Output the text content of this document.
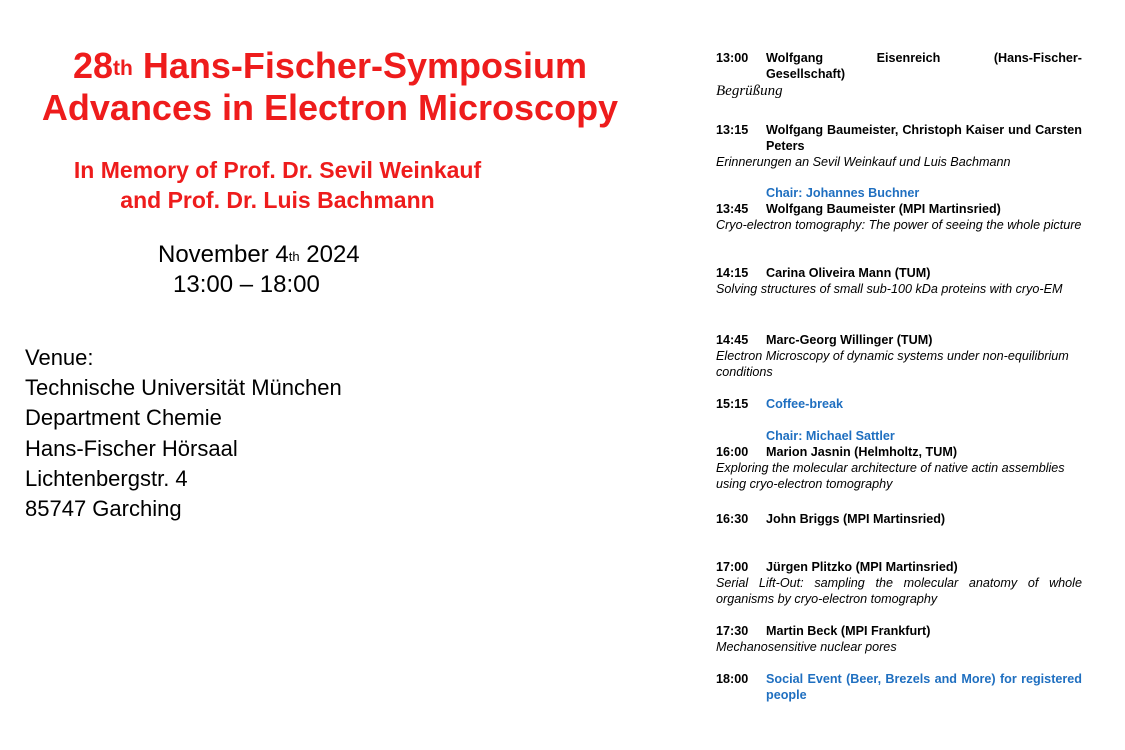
28th Hans-Fischer-Symposium
Advances in Electron Microscopy

In Memory of Prof. Dr. Sevil Weinkauf

and Prof. Dr. Luis Bachmann

November 4th 2024
13:00 – 18:00
Venue:
Technische Universität München
Department Chemie
Hans-Fischer Hörsaal
Lichtenbergstr. 4
85747 Garching
13:00	Wolfgang	Eisenreich	(Hans-Fischer-
Gesellschaft)
Begrüßung
13:15	Wolfgang Baumeister, Christoph Kaiser und Carsten Peters
Erinnerungen an Sevil Weinkauf und Luis Bachmann
Chair: Johannes Buchner
13:45	Wolfgang Baumeister (MPI Martinsried)
Cryo-electron tomography: The power of seeing the whole picture
14:15	Carina Oliveira Mann (TUM)
Solving structures of small sub-100 kDa proteins with cryo-EM
14:45	Marc-Georg Willinger (TUM)
Electron Microscopy of dynamic systems under non-equilibrium conditions
15:15	Coffee-break
Chair: Michael Sattler
16:00	Marion Jasnin (Helmholtz, TUM)
Exploring the molecular architecture of native actin assemblies using cryo-electron tomography
16:30	John Briggs (MPI Martinsried)
17:00	Jürgen Plitzko (MPI Martinsried)
Serial Lift-Out: sampling the molecular anatomy of whole organisms by cryo-electron tomography
17:30	Martin Beck (MPI Frankfurt)
Mechanosensitive nuclear pores
18:00	Social Event (Beer, Brezels and More) for registered people
